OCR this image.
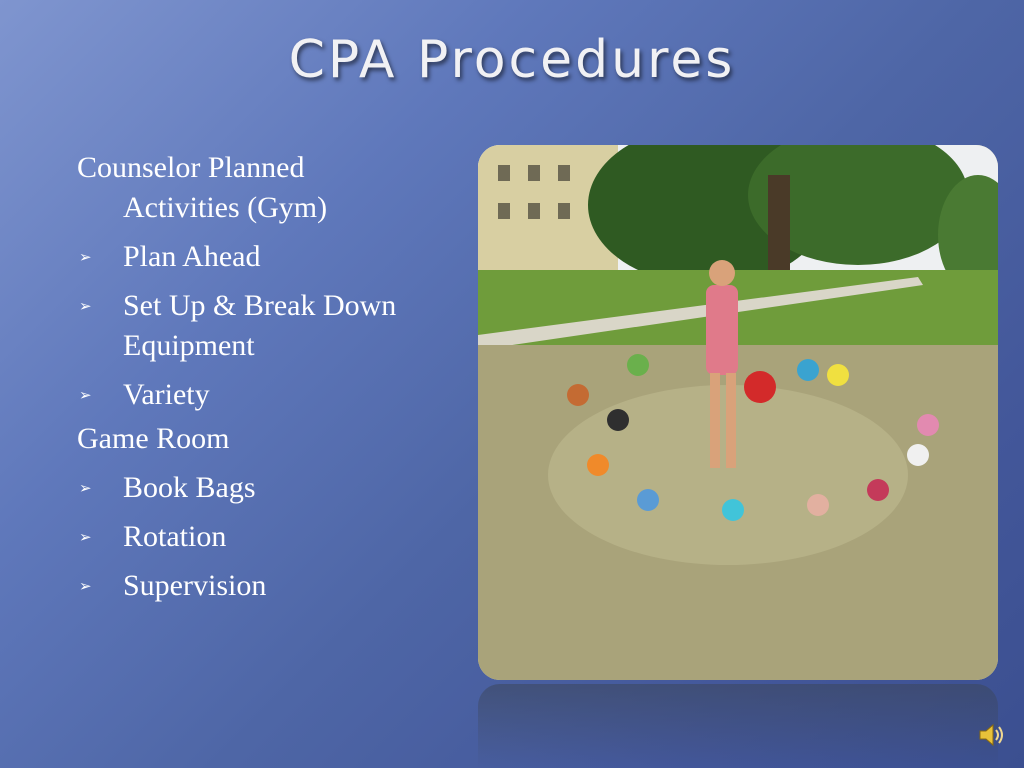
CPA Procedures
Counselor Planned
Activities (Gym)
➢ Plan Ahead
➢ Set Up & Break Down
Equipment
➢ Variety
Game Room
➢ Book Bags
➢ Rotation
➢ Supervision
